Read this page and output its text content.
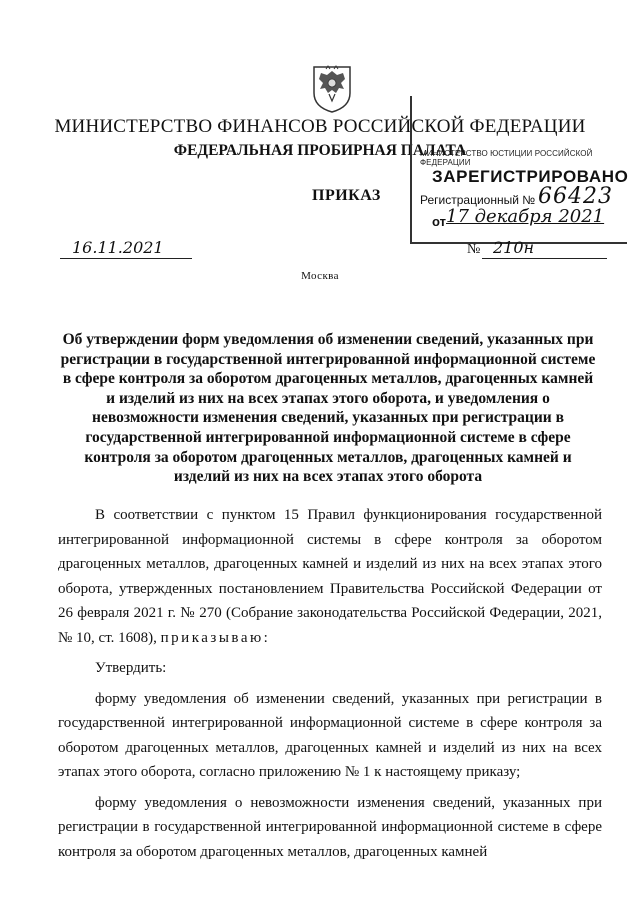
МИНИСТЕРСТВО ФИНАНСОВ РОССИЙСКОЙ ФЕДЕРАЦИИ
ФЕДЕРАЛЬНАЯ ПРОБИРНАЯ ПАЛАТА
МИНИСТЕРСТВО ЮСТИЦИИ РОССИЙСКОЙ ФЕДЕРАЦИИ
ЗАРЕГИСТРИРОВАНО
Регистрационный № 66423
от 17 декабря 2021
ПРИКАЗ
16.11.2021	№ 210н
Москва
Об утверждении форм уведомления об изменении сведений, указанных при регистрации в государственной интегрированной информационной системе в сфере контроля за оборотом драгоценных металлов, драгоценных камней и изделий из них на всех этапах этого оборота, и уведомления о невозможности изменения сведений, указанных при регистрации в государственной интегрированной информационной системе в сфере контроля за оборотом драгоценных металлов, драгоценных камней и изделий из них на всех этапах этого оборота

В соответствии с пунктом 15 Правил функционирования государственной интегрированной информационной системы в сфере контроля за оборотом драгоценных металлов, драгоценных камней и изделий из них на всех этапах этого оборота, утвержденных постановлением Правительства Российской Федерации от 26 февраля 2021 г. № 270 (Собрание законодательства Российской Федерации, 2021, № 10, ст. 1608), приказываю:

Утвердить:

форму уведомления об изменении сведений, указанных при регистрации в государственной интегрированной информационной системе в сфере контроля за оборотом драгоценных металлов, драгоценных камней и изделий из них на всех этапах этого оборота, согласно приложению № 1 к настоящему приказу;

форму уведомления о невозможности изменения сведений, указанных при регистрации в государственной интегрированной информационной системе в сфере контроля за оборотом драгоценных металлов, драгоценных камней
